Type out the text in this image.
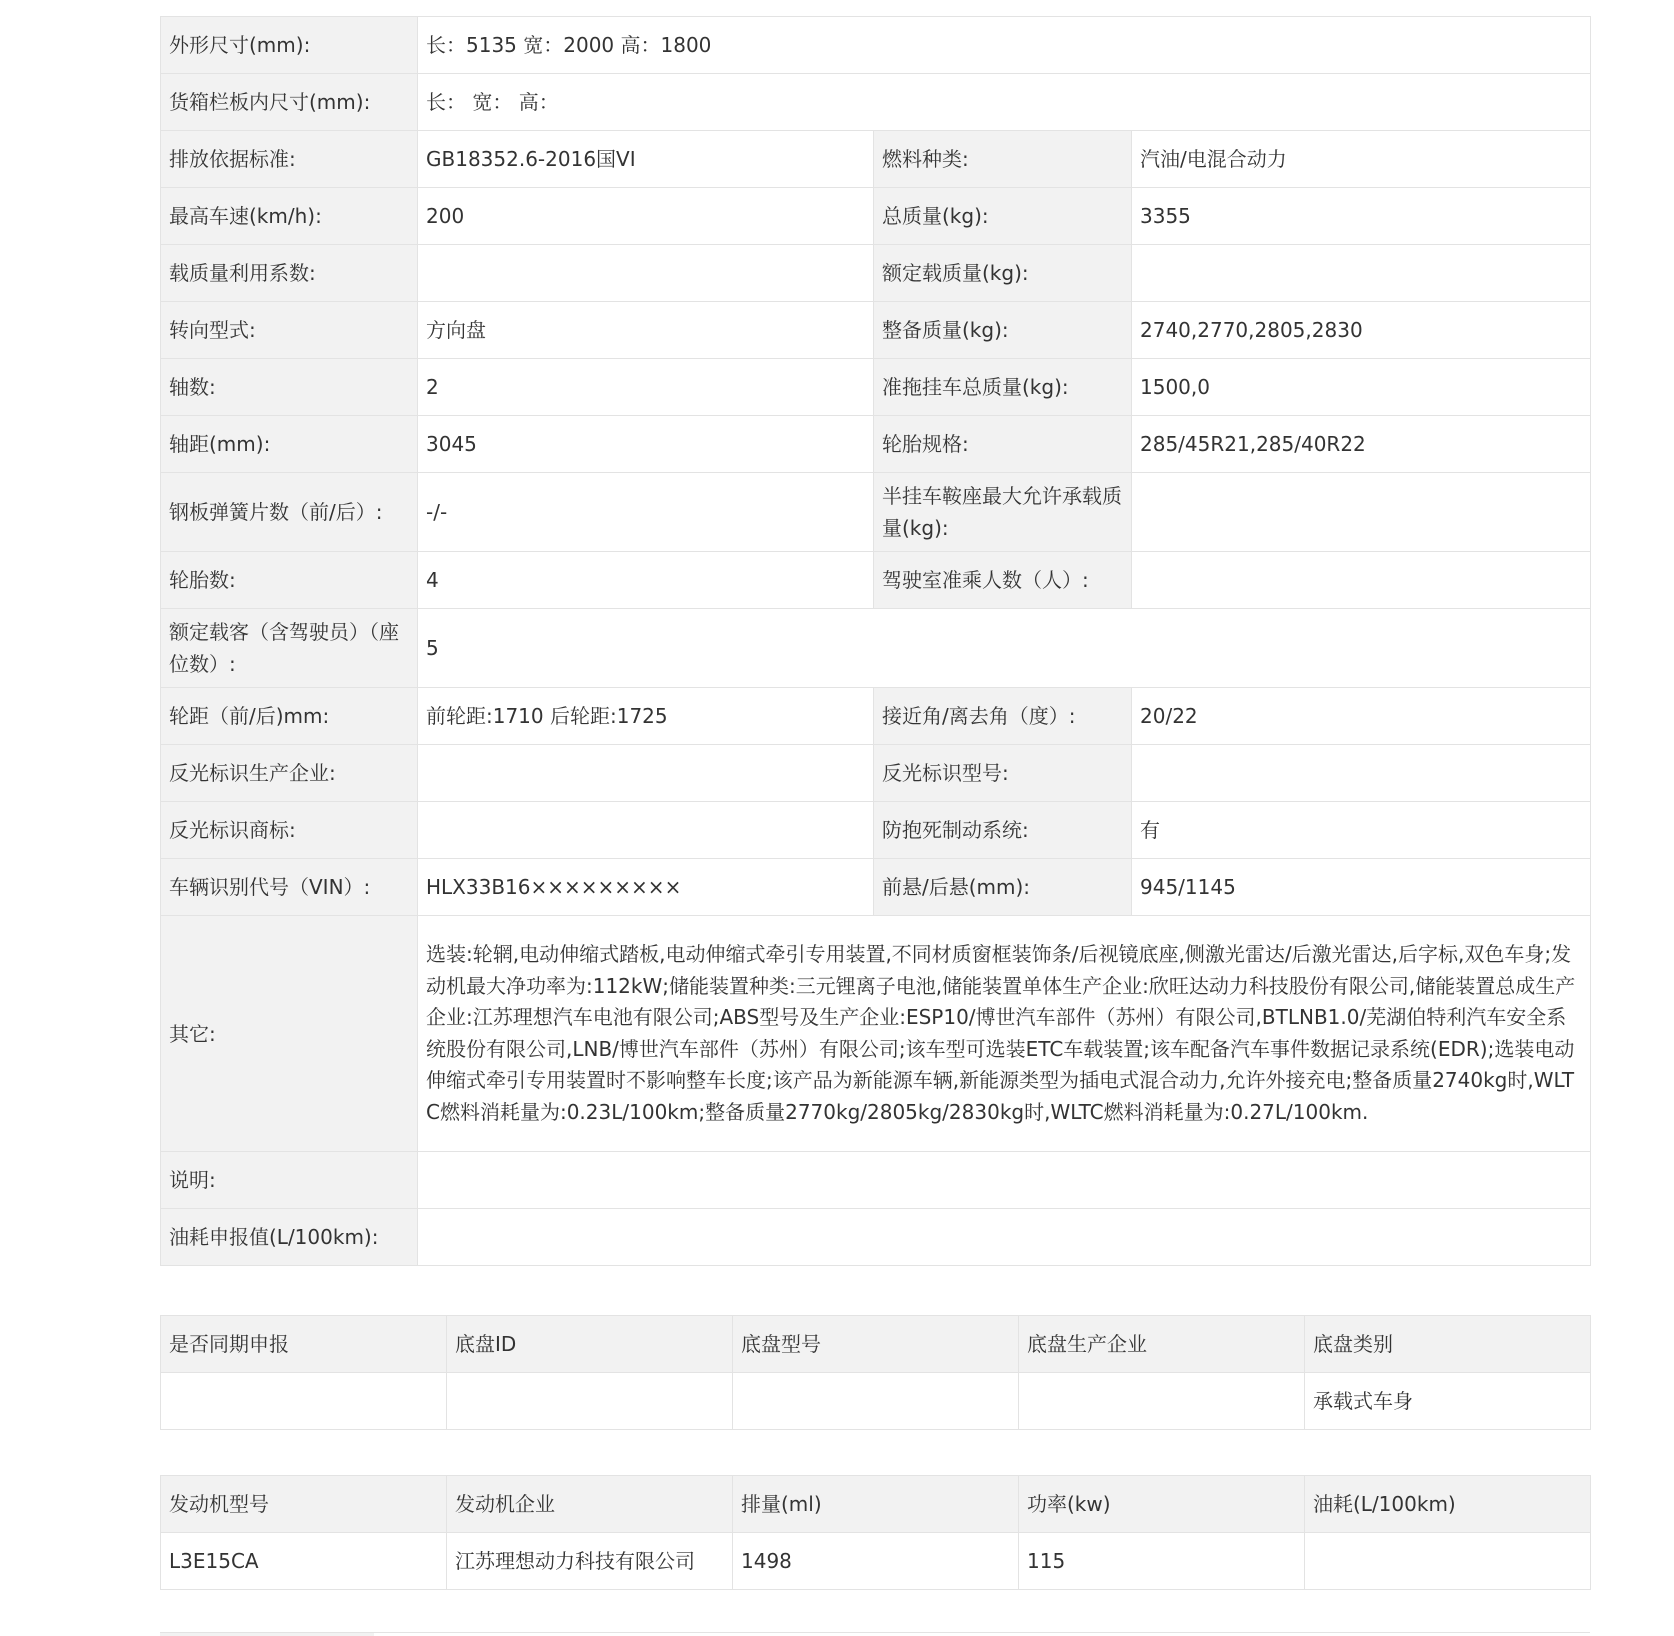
外形尺寸(mm):	长：5135 宽：2000 高：1800		
货箱栏板内尺寸(mm):	长： 宽： 高：		
排放依据标准:	GB18352.6-2016国VI	燃料种类:	汽油/电混合动力
最高车速(km/h):	200	总质量(kg):	3355
载质量利用系数:		额定载质量(kg):	
转向型式:	方向盘	整备质量(kg):	2740,2770,2805,2830
轴数:	2	准拖挂车总质量(kg):	1500,0
轴距(mm):	3045	轮胎规格:	285/45R21,285/40R22
钢板弹簧片数（前/后）:	-/-	半挂车鞍座最大允许承载质量(kg):	
轮胎数:	4	驾驶室准乘人数（人）:	
额定载客（含驾驶员）（座位数）:	5		
轮距（前/后)mm:	前轮距:1710 后轮距:1725	接近角/离去角（度）:	20/22
反光标识生产企业:		反光标识型号:	
反光标识商标:		防抱死制动系统:	有
车辆识别代号（VIN）:	HLX33B16×××××××××	前悬/后悬(mm):	945/1145
其它:	选装:轮辋,电动伸缩式踏板,电动伸缩式牵引专用装置,不同材质窗框装饰条/后视镜底座,侧激光雷达/后激光雷达,后字标,双色车身;发动机最大净功率为:112kW;储能装置种类:三元锂离子电池,储能装置单体生产企业:欣旺达动力科技股份有限公司,储能装置总成生产企业:江苏理想汽车电池有限公司;ABS型号及生产企业:ESP10/博世汽车部件（苏州）有限公司,BTLNB1.0/芜湖伯特利汽车安全系统股份有限公司,LNB/博世汽车部件（苏州）有限公司;该车型可选装ETC车载装置;该车配备汽车事件数据记录系统(EDR);选装电动伸缩式牵引专用装置时不影响整车长度;该产品为新能源车辆,新能源类型为插电式混合动力,允许外接充电;整备质量2740kg时,WLTC燃料消耗量为:0.23L/100km;整备质量2770kg/2805kg/2830kg时,WLTC燃料消耗量为:0.27L/100km.		
说明:			
油耗申报值(L/100km):			
是否同期申报	底盘ID	底盘型号	底盘生产企业	底盘类别
				承载式车身
发动机型号	发动机企业	排量(ml)	功率(kw)	油耗(L/100km)
L3E15CA	江苏理想动力科技有限公司	1498	115	
